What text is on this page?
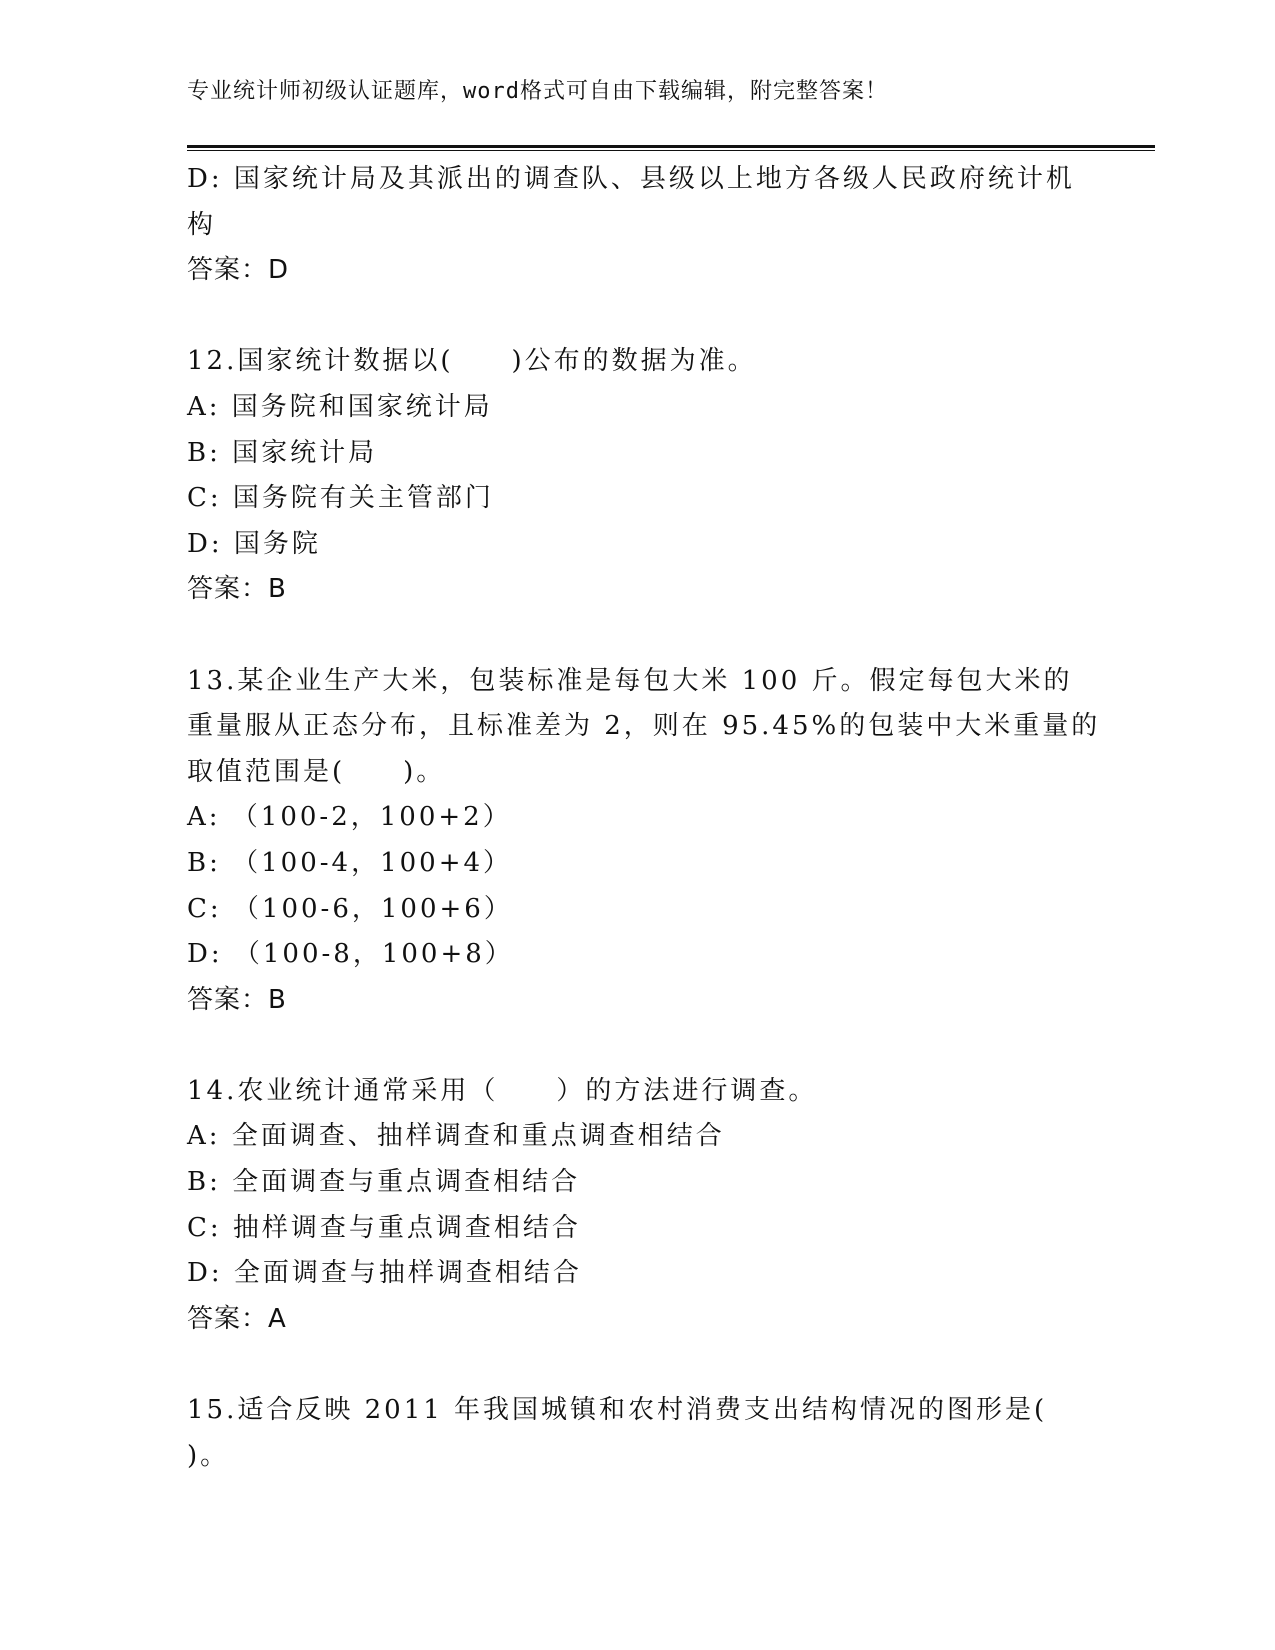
专业统计师初级认证题库，word格式可自由下载编辑，附完整答案！
D: 国家统计局及其派出的调查队、县级以上地方各级人民政府统计机
构
答案：D
12.国家统计数据以(　　)公布的数据为准。
A: 国务院和国家统计局
B: 国家统计局
C: 国务院有关主管部门
D: 国务院
答案：B
13.某企业生产大米，包装标准是每包大米 100 斤。假定每包大米的
重量服从正态分布，且标准差为 2，则在 95.45%的包装中大米重量的
取值范围是(　　)。
A: （100-2，100+2）
B: （100-4，100+4）
C: （100-6，100+6）
D: （100-8，100+8）
答案：B
14.农业统计通常采用（　　）的方法进行调查。
A: 全面调查、抽样调查和重点调查相结合
B: 全面调查与重点调查相结合
C: 抽样调查与重点调查相结合
D: 全面调查与抽样调查相结合
答案：A
15.适合反映 2011 年我国城镇和农村消费支出结构情况的图形是(
)。
